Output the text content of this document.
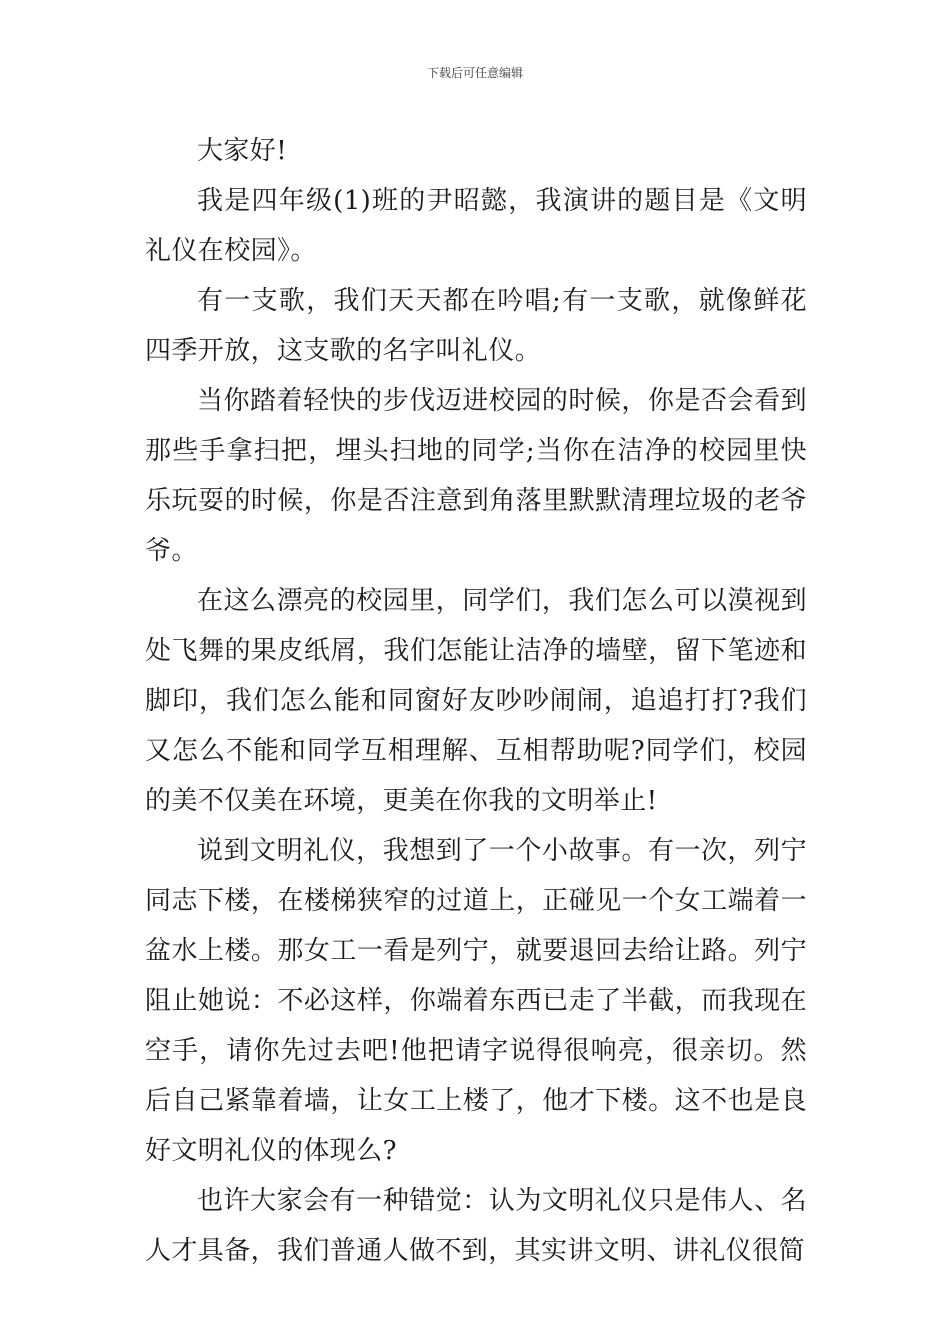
下载后可任意编辑

大家好!

我是四年级(1)班的尹昭懿，我演讲的题目是《文明礼仪在校园》。

有一支歌，我们天天都在吟唱;有一支歌，就像鲜花四季开放，这支歌的名字叫礼仪。

当你踏着轻快的步伐迈进校园的时候，你是否会看到那些手拿扫把，埋头扫地的同学;当你在洁净的校园里快乐玩耍的时候，你是否注意到角落里默默清理垃圾的老爷爷。

在这么漂亮的校园里，同学们，我们怎么可以漠视到处飞舞的果皮纸屑，我们怎能让洁净的墙壁，留下笔迹和脚印，我们怎么能和同窗好友吵吵闹闹，追追打打?我们又怎么不能和同学互相理解、互相帮助呢?同学们，校园的美不仅美在环境，更美在你我的文明举止!

说到文明礼仪，我想到了一个小故事。有一次，列宁同志下楼，在楼梯狭窄的过道上，正碰见一个女工端着一盆水上楼。那女工一看是列宁，就要退回去给让路。列宁阻止她说：不必这样，你端着东西已走了半截，而我现在空手，请你先过去吧!他把请字说得很响亮，很亲切。然后自己紧靠着墙，让女工上楼了，他才下楼。这不也是良好文明礼仪的体现么?

也许大家会有一种错觉：认为文明礼仪只是伟人、名人才具备，我们普通人做不到，其实讲文明、讲礼仪很简
